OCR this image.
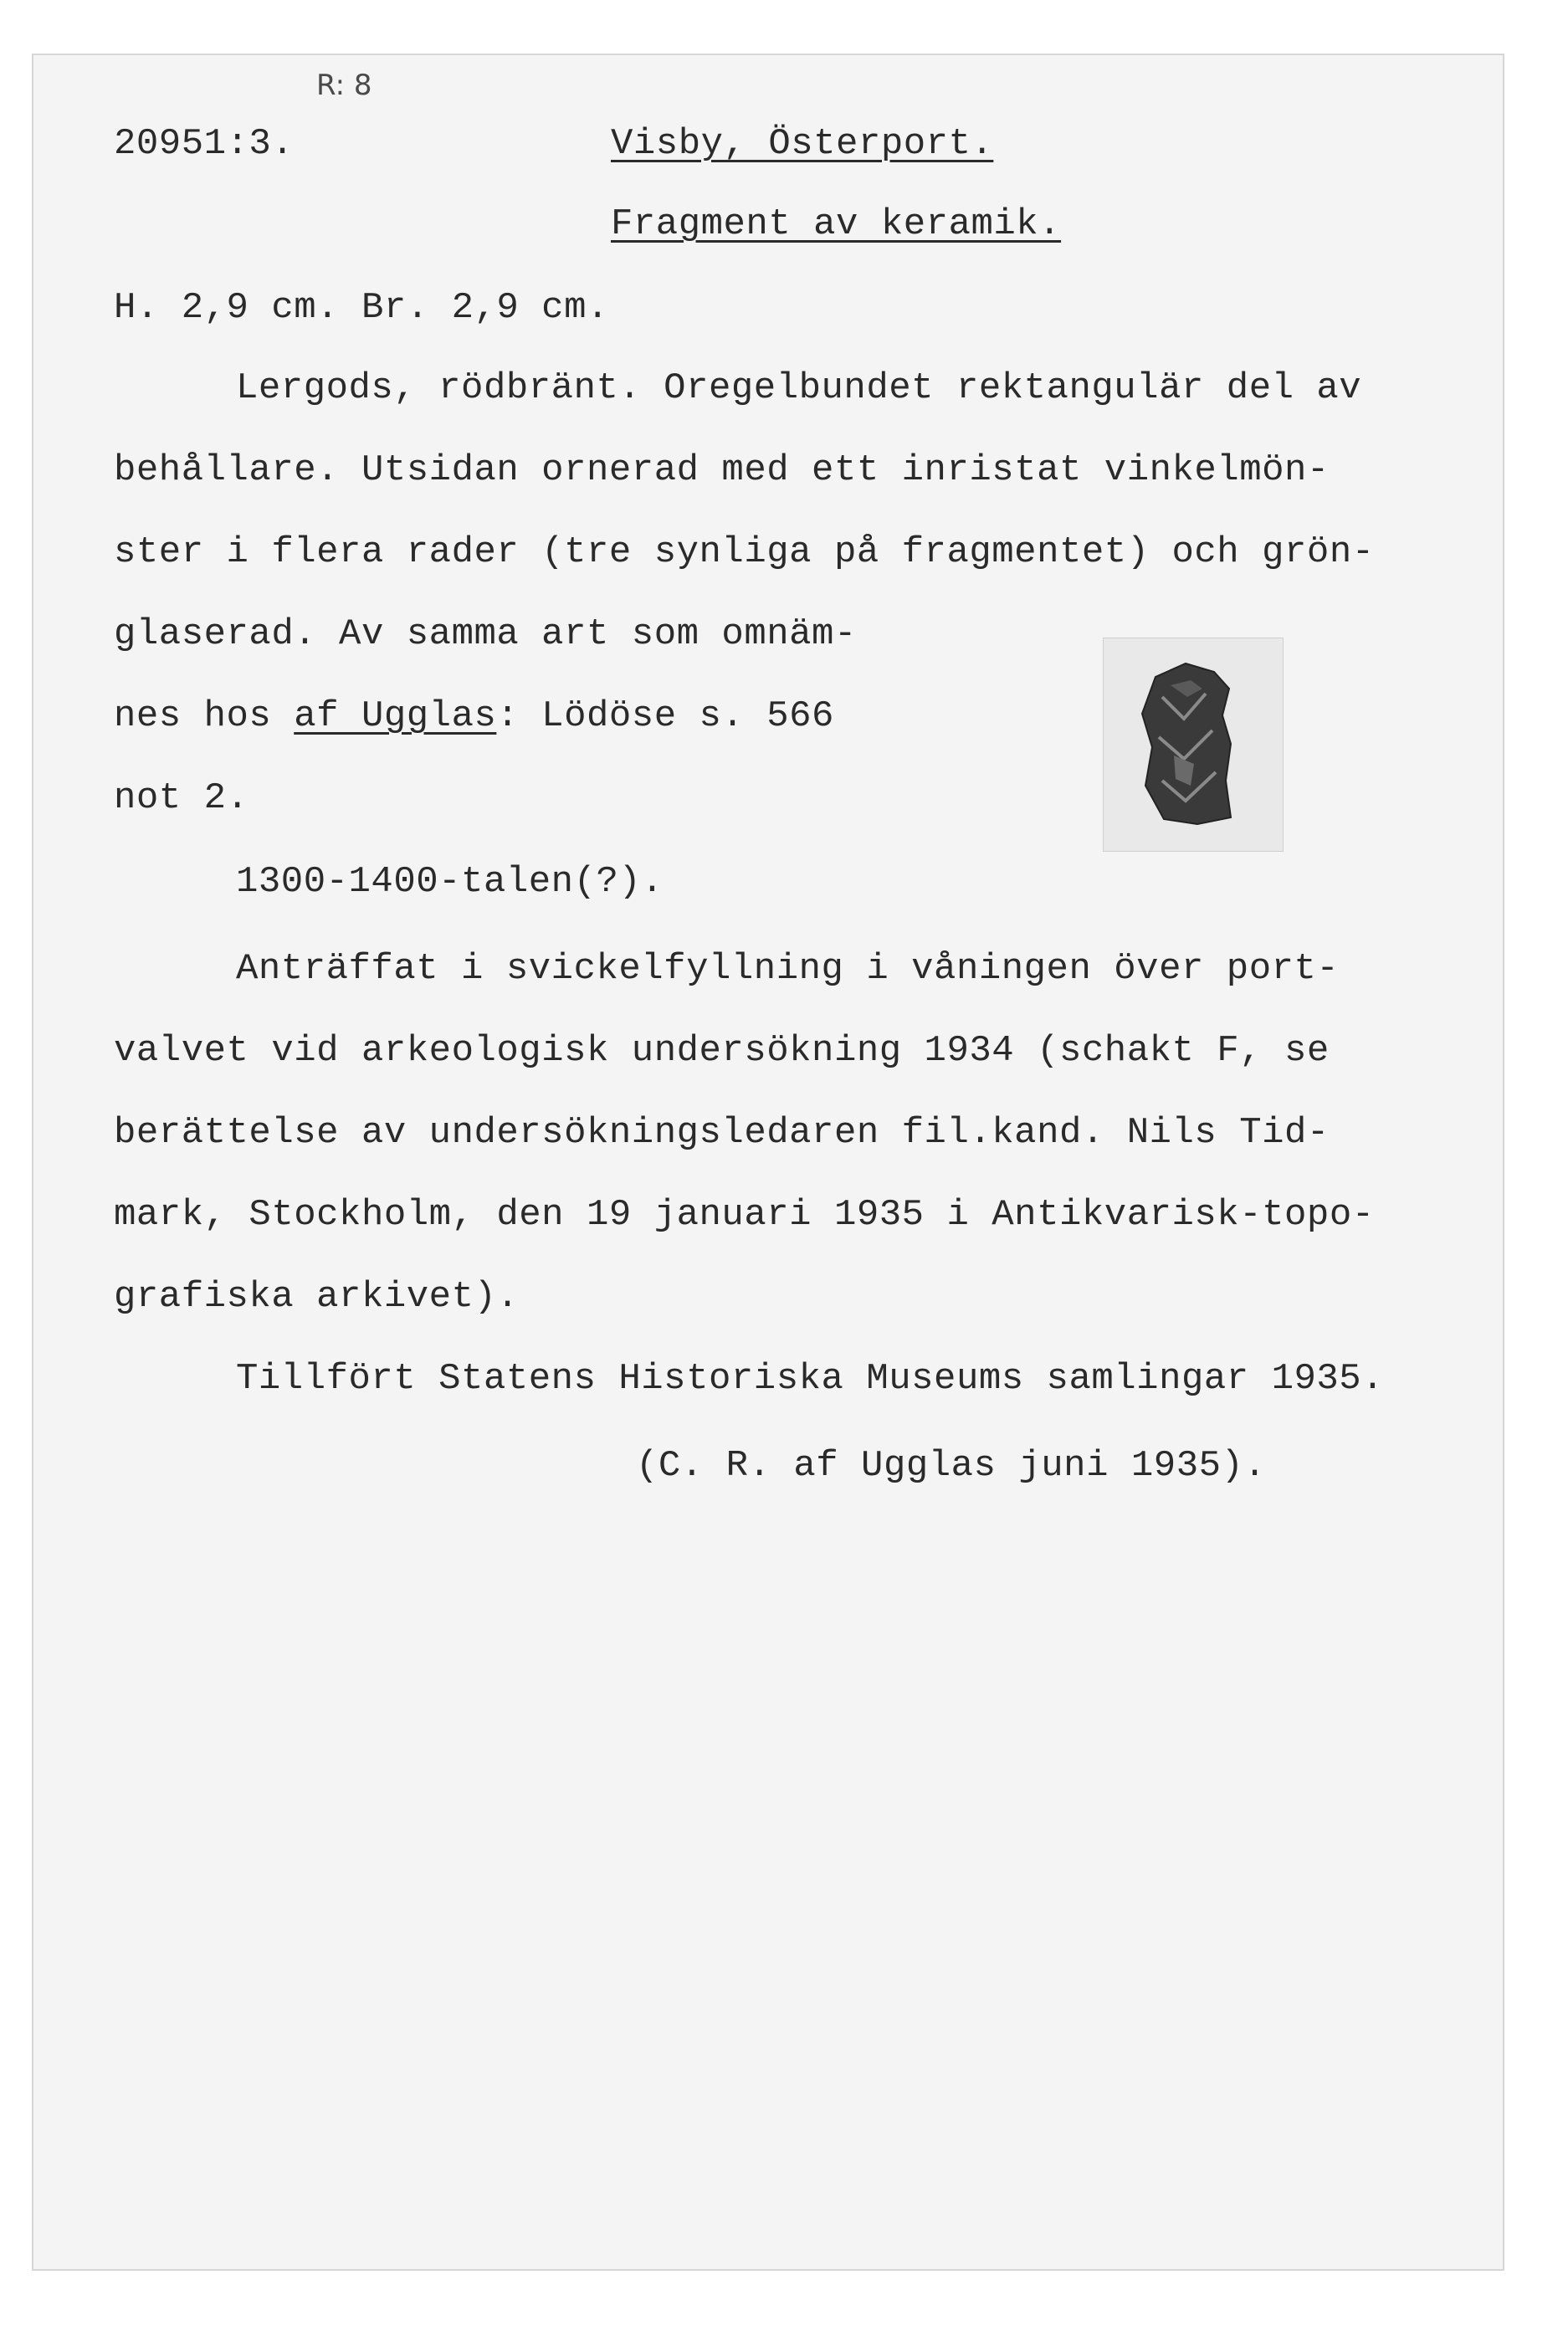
R: 8
20951:3.	Visby, Österport.
Fragment av keramik.
H. 2,9 cm. Br. 2,9 cm.
Lergods, rödbränt. Oregelbundet rektangulär del av
behållare. Utsidan ornerad med ett inristat vinkelmön-
ster i flera rader (tre synliga på fragmentet) och grön-
glaserad. Av samma art som omnäm-
nes hos af Ugglas: Lödöse s. 566
not 2.
1300-1400-talen(?).
Anträffat i svickelfyllning i våningen över port-
valvet vid arkeologisk undersökning 1934 (schakt F, se
berättelse av undersökningsledaren fil.kand. Nils Tid-
mark, Stockholm, den 19 januari 1935 i Antikvarisk-topo-
grafiska arkivet).
Tillfört Statens Historiska Museums samlingar 1935.
(C. R. af Ugglas juni 1935).
